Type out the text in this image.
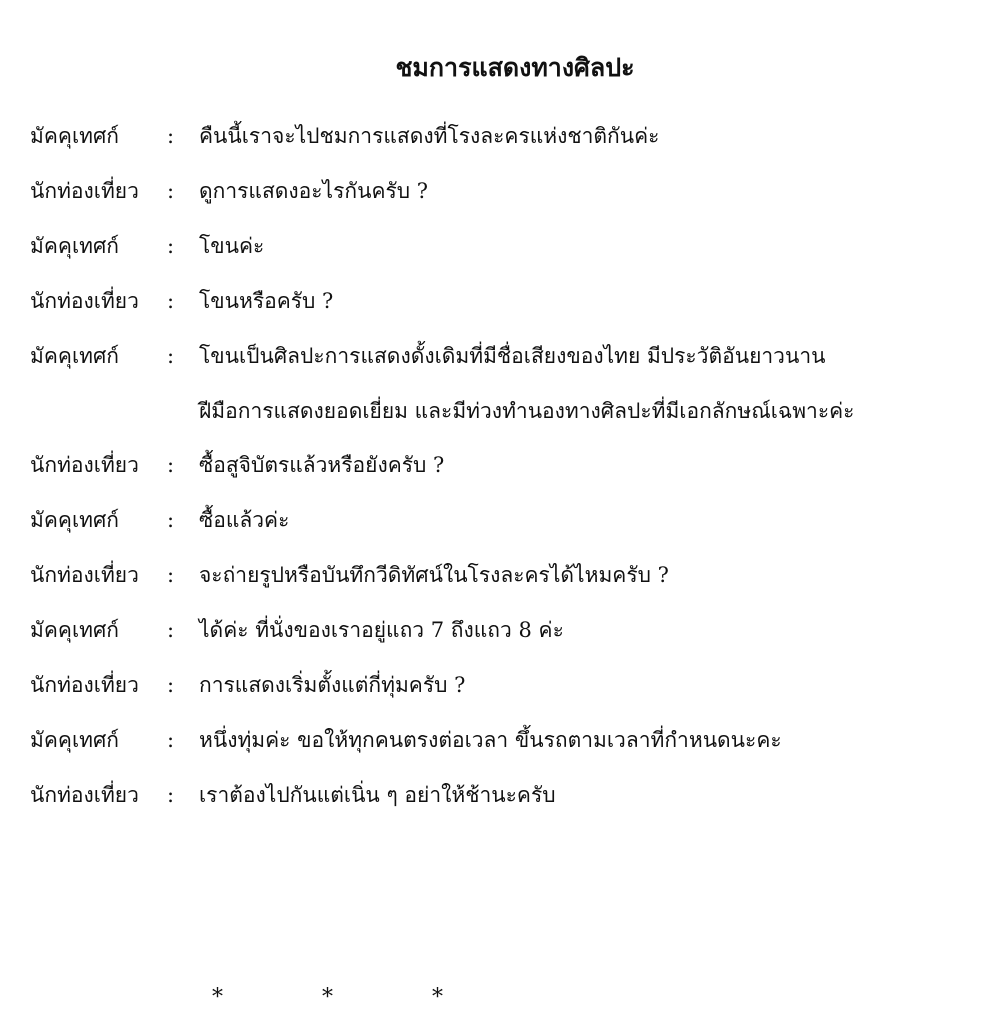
ชมการแสดงทางศิลปะ
มัคคุเทศก์ : คืนนี้เราจะไปชมการแสดงที่โรงละครแห่งชาติกันค่ะ
นักท่องเที่ยว : ดูการแสดงอะไรกันครับ ?
มัคคุเทศก์ : โขนค่ะ
นักท่องเที่ยว : โขนหรือครับ ?
มัคคุเทศก์ : โขนเป็นศิลปะการแสดงดั้งเดิมที่มีชื่อเสียงของไทย มีประวัติอันยาวนาน
ฝีมือการแสดงยอดเยี่ยม และมีท่วงทำนองทางศิลปะที่มีเอกลักษณ์เฉพาะค่ะ
นักท่องเที่ยว : ซื้อสูจิบัตรแล้วหรือยังครับ ?
มัคคุเทศก์ : ซื้อแล้วค่ะ
นักท่องเที่ยว : จะถ่ายรูปหรือบันทึกวีดิทัศน์ในโรงละครได้ไหมครับ ?
มัคคุเทศก์ : ได้ค่ะ ที่นั่งของเราอยู่แถว 7 ถึงแถว 8 ค่ะ
นักท่องเที่ยว : การแสดงเริ่มตั้งแต่กี่ทุ่มครับ ?
มัคคุเทศก์ : หนึ่งทุ่มค่ะ ขอให้ทุกคนตรงต่อเวลา ขึ้นรถตามเวลาที่กำหนดนะคะ
นักท่องเที่ยว : เราต้องไปกันแต่เนิ่น ๆ อย่าให้ช้านะครับ
*	*	*
